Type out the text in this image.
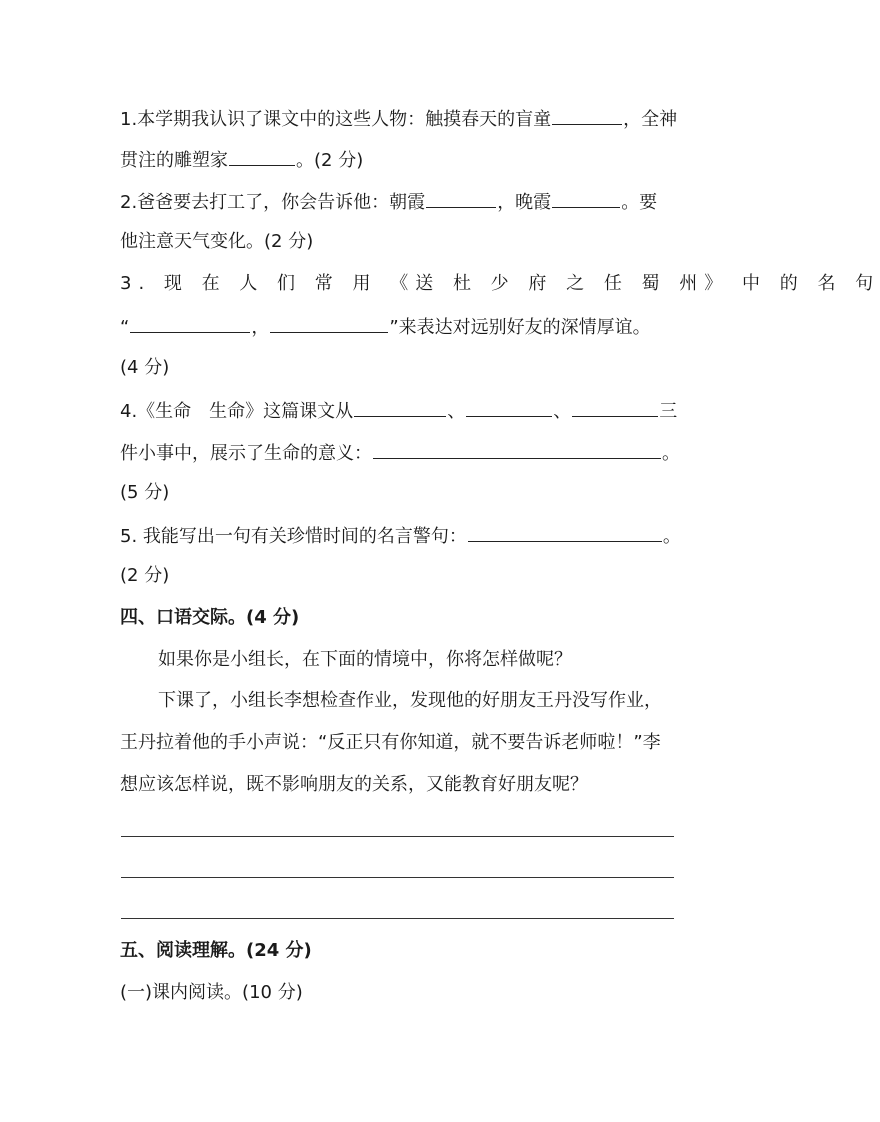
1.本学期我认识了课文中的这些人物：触摸春天的盲童	，全神
贯注的雕塑家	。(2 分)
2.爸爸要去打工了，你会告诉他：朝霞	，晚霞	。要
他注意天气变化。(2 分)
3. 现 在 人 们 常 用 《送 杜 少 府 之 任 蜀 州》 中 的 名 句
“	，	”来表达对远别好友的深情厚谊。
(4 分)
4.《生命　生命》这篇课文从	、	、	三
件小事中，展示了生命的意义：	。
(5 分)
5. 我能写出一句有关珍惜时间的名言警句：	。
(2 分)
四、口语交际。(4 分)
如果你是小组长，在下面的情境中，你将怎样做呢？
下课了，小组长李想检查作业，发现他的好朋友王丹没写作业，
王丹拉着他的手小声说：“反正只有你知道，就不要告诉老师啦！”李
想应该怎样说，既不影响朋友的关系，又能教育好朋友呢？
五、阅读理解。(24 分)
(一)课内阅读。(10 分)
